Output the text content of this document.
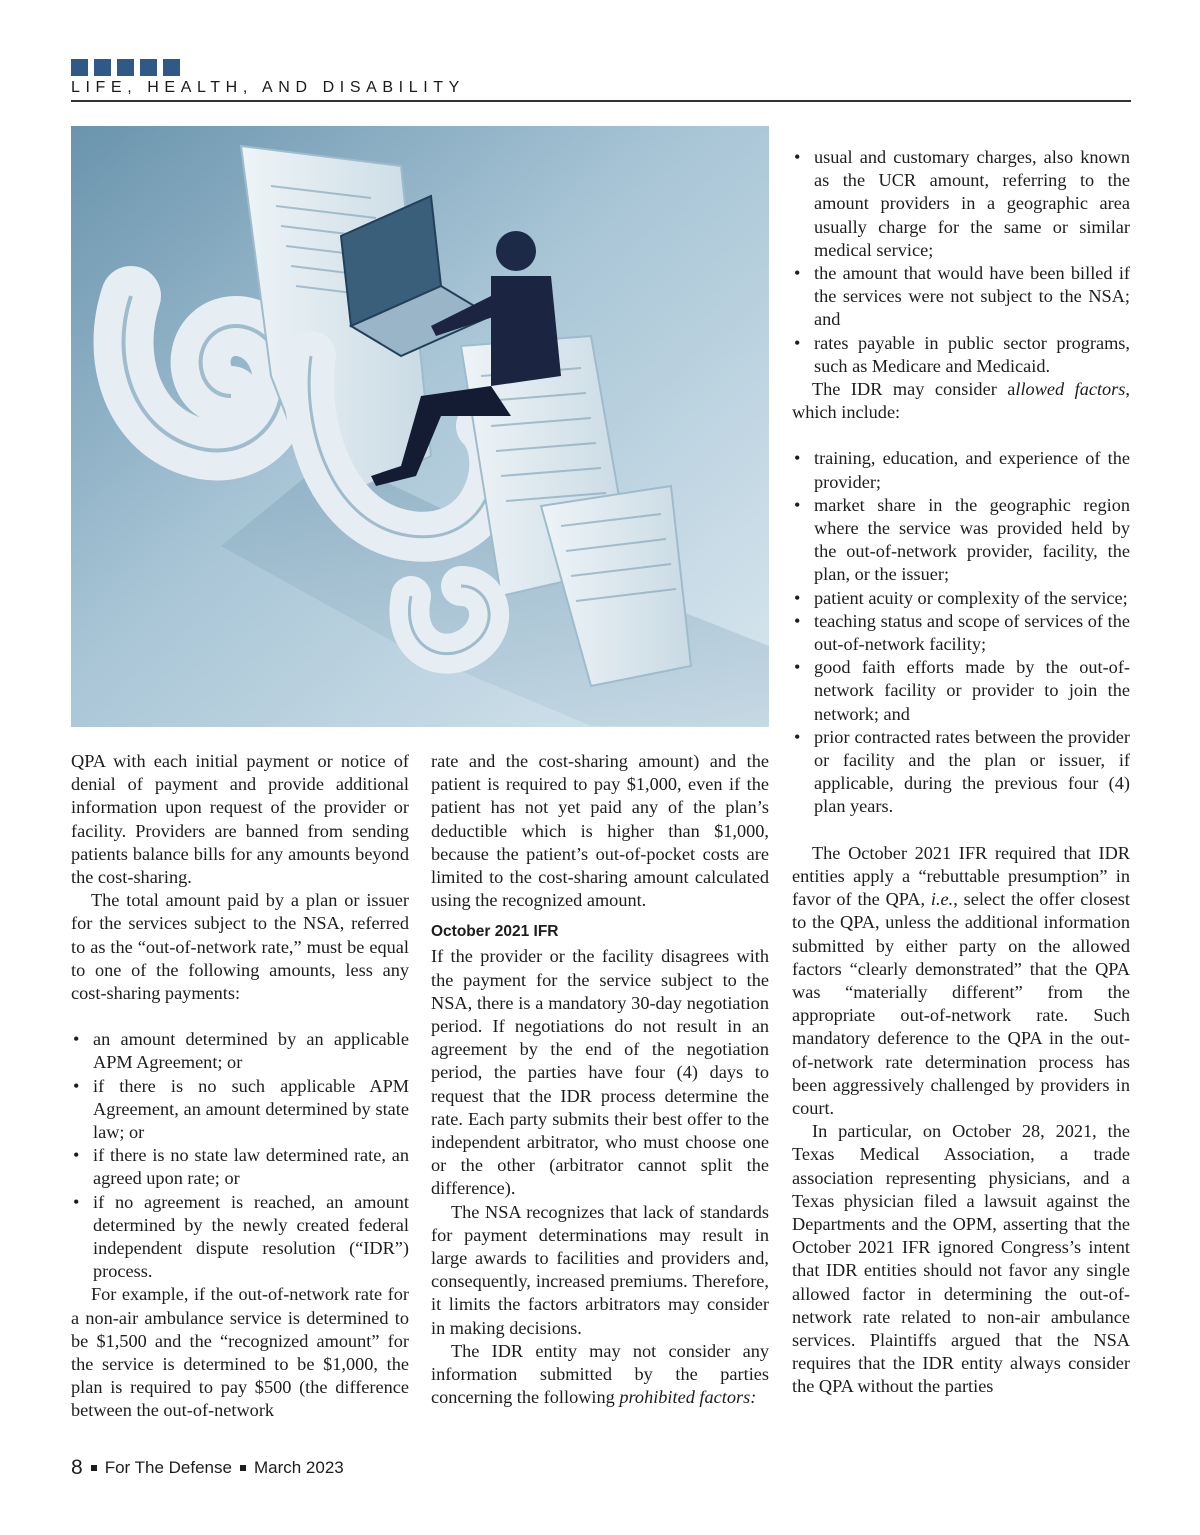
LIFE, HEALTH, AND DISABILITY

QPA with each initial payment or notice of denial of payment and provide additional information upon request of the provider or facility. Providers are banned from sending patients balance bills for any amounts beyond the cost-sharing.

The total amount paid by a plan or issuer for the services subject to the NSA, referred to as the “out-of-network rate,” must be equal to one of the following amounts, less any cost-sharing payments:

• an amount determined by an applicable APM Agreement; or
• if there is no such applicable APM Agreement, an amount determined by state law; or
• if there is no state law determined rate, an agreed upon rate; or
• if no agreement is reached, an amount determined by the newly created federal independent dispute resolution (“IDR”) process.

For example, if the out-of-network rate for a non-air ambulance service is determined to be $1,500 and the “recognized amount” for the service is determined to be $1,000, the plan is required to pay $500 (the difference between the out-of-network

rate and the cost-sharing amount) and the patient is required to pay $1,000, even if the patient has not yet paid any of the plan’s deductible which is higher than $1,000, because the patient’s out-of-pocket costs are limited to the cost-sharing amount calculated using the recognized amount.

October 2021 IFR

If the provider or the facility disagrees with the payment for the service subject to the NSA, there is a mandatory 30-day negotiation period. If negotiations do not result in an agreement by the end of the negotiation period, the parties have four (4) days to request that the IDR process determine the rate. Each party submits their best offer to the independent arbitrator, who must choose one or the other (arbitrator cannot split the difference).

The NSA recognizes that lack of standards for payment determinations may result in large awards to facilities and providers and, consequently, increased premiums. Therefore, it limits the factors arbitrators may consider in making decisions.

The IDR entity may not consider any information submitted by the parties concerning the following prohibited factors:

• usual and customary charges, also known as the UCR amount, referring to the amount providers in a geographic area usually charge for the same or similar medical service;
• the amount that would have been billed if the services were not subject to the NSA; and
• rates payable in public sector programs, such as Medicare and Medicaid.

The IDR may consider allowed factors, which include:

• training, education, and experience of the provider;
• market share in the geographic region where the service was provided held by the out-of-network provider, facility, the plan, or the issuer;
• patient acuity or complexity of the service;
• teaching status and scope of services of the out-of-network facility;
• good faith efforts made by the out-of-network facility or provider to join the network; and
• prior contracted rates between the provider or facility and the plan or issuer, if applicable, during the previous four (4) plan years.

The October 2021 IFR required that IDR entities apply a “rebuttable presumption” in favor of the QPA, i.e., select the offer closest to the QPA, unless the additional information submitted by either party on the allowed factors “clearly demonstrated” that the QPA was “materially different” from the appropriate out-of-network rate. Such mandatory deference to the QPA in the out-of-network rate determination process has been aggressively challenged by providers in court.

In particular, on October 28, 2021, the Texas Medical Association, a trade association representing physicians, and a Texas physician filed a lawsuit against the Departments and the OPM, asserting that the October 2021 IFR ignored Congress’s intent that IDR entities should not favor any single allowed factor in determining the out-of-network rate related to non-air ambulance services. Plaintiffs argued that the NSA requires that the IDR entity always consider the QPA without the parties

8 For The Defense March 2023
